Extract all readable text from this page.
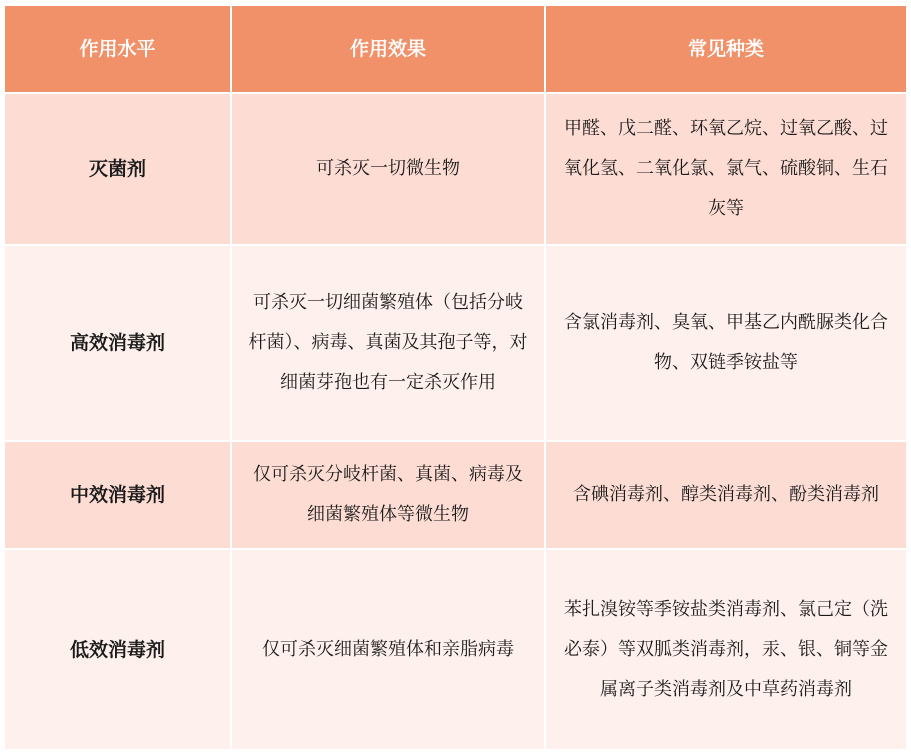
作用水平	作用效果	常见种类
灭菌剂	可杀灭一切微生物	甲醛、戊二醛、环氧乙烷、过氧乙酸、过氧化氢、二氧化氯、氯气、硫酸铜、生石灰等
高效消毒剂	可杀灭一切细菌繁殖体（包括分岐杆菌）、病毒、真菌及其孢子等，对细菌芽孢也有一定杀灭作用	含氯消毒剂、臭氧、甲基乙内酰脲类化合物、双链季铵盐等
中效消毒剂	仅可杀灭分岐杆菌、真菌、病毒及细菌繁殖体等微生物	含碘消毒剂、醇类消毒剂、酚类消毒剂
低效消毒剂	仅可杀灭细菌繁殖体和亲脂病毒	苯扎溴铵等季铵盐类消毒剂、氯己定（洗必泰）等双胍类消毒剂，汞、银、铜等金属离子类消毒剂及中草药消毒剂
